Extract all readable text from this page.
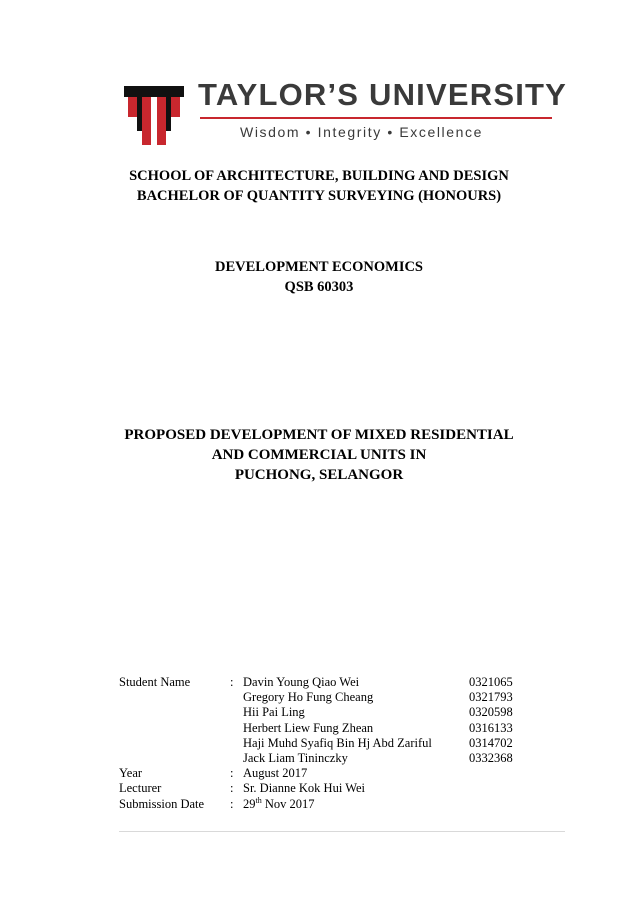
TAYLOR’S UNIVERSITY
Wisdom • Integrity • Excellence
SCHOOL OF ARCHITECTURE, BUILDING AND DESIGN
BACHELOR OF QUANTITY SURVEYING (HONOURS)
DEVELOPMENT ECONOMICS
QSB 60303
PROPOSED DEVELOPMENT OF MIXED RESIDENTIAL
AND COMMERCIAL UNITS IN
PUCHONG, SELANGOR
Student Name	: Davin Young Qiao Wei	0321065
Gregory Ho Fung Cheang	0321793
Hii Pai Ling	0320598
Herbert Liew Fung Zhean	0316133
Haji Muhd Syafiq Bin Hj Abd Zariful	0314702
Jack Liam Tininczky	0332368
Year	: August 2017
Lecturer	: Sr. Dianne Kok Hui Wei
Submission Date : 29th Nov 2017
